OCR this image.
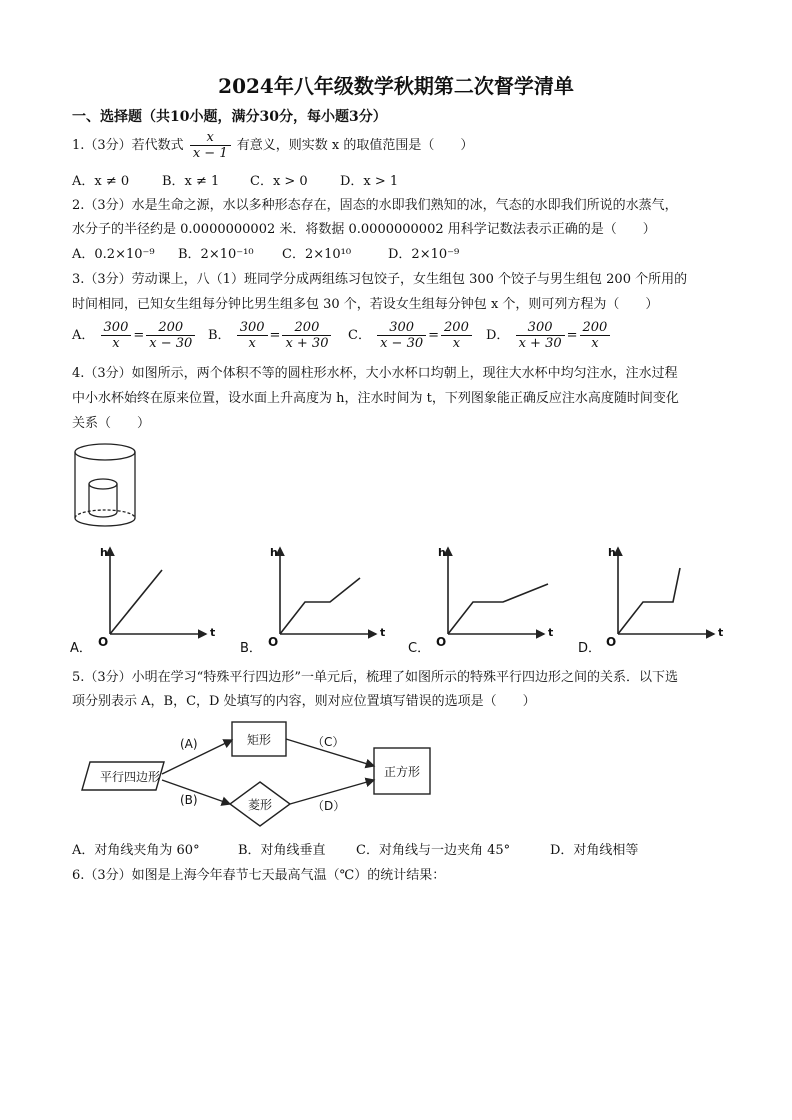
2024年八年级数学秋期第二次督学清单
一、选择题（共10小题，满分30分，每小题3分）
1.（3分）若代数式 $\frac{x}{x - 1}$ 有意义，则实数 x 的取值范围是（　　）
A．x ≠ 0	B．x ≠ 1 C．x > 0 D．x > 1
2.（3分）水是生命之源，水以多种形态存在，固态的水即我们熟知的冰，气态的水即我们所说的水蒸气，
水分子的半径约是 0.0000000002 米．将数据 0.0000000002 用科学记数法表示正确的是（　　）
A．0.2×10⁻⁹ B．2×10⁻¹⁰ C．2×10¹⁰	D．2×10⁻⁹
3.（3分）劳动课上，八（1）班同学分成两组练习包饺子，女生组包 300 个饺子与男生组包 200 个所用的
时间相同，已知女生组每分钟比男生组多包 30 个，若设女生组每分钟包 x 个，则可列方程为（　　）
A． $\frac{300}{x} = \frac{200}{x - 30}$ B． $\frac{300}{x} = \frac{200}{x + 30}$ C． $\frac{300}{x - 30} = \frac{200}{x}$ D． $\frac{300}{x + 30} = \frac{200}{x}$
4.（3分）如图所示，两个体积不等的圆柱形水杯，大小水杯口均朝上，现往大水杯中均匀注水，注水过程
中小水杯始终在原来位置，设水面上升高度为 h，注水时间为 t，下列图象能正确反应注水高度随时间变化
关系（　　）
h
t
O
A．
h
t
O
B．
h
t
O
C．
h
t
O
D．
5.（3分）小明在学习“特殊平行四边形”一单元后，梳理了如图所示的特殊平行四边形之间的关系．以下选
项分别表示 A，B，C，D 处填写的内容，则对应位置填写错误的选项是（　　）
平行四边形
矩形
菱形
正方形
(A)
(B)
（C）
（D）
A．对角线夹角为 60°	B．对角线垂直 C．对角线与一边夹角 45°	D．对角线相等
6.（3分）如图是上海今年春节七天最高气温（℃）的统计结果：
